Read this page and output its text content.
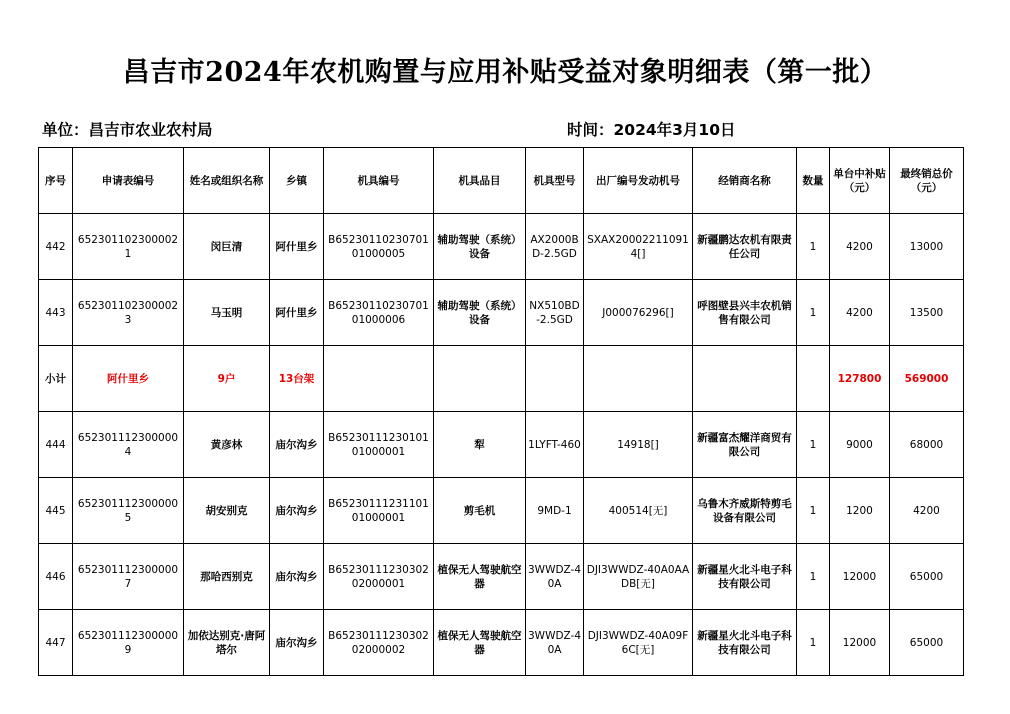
昌吉市2024年农机购置与应用补贴受益对象明细表（第一批）
单位：昌吉市农业农村局	时间：2024年3月10日
序号	申请表编号	姓名或组织名称	乡镇	机具编号	机具品目	机具型号	出厂编号发动机号	经销商名称	数量	单台中补贴（元）	最终销总价（元）
442	6523011023000021	闵巨清	阿什里乡	B6523011023070101000005	辅助驾驶（系统）设备	AX2000BD-2.5GD	SXAX200022110914[]	新疆鹏达农机有限责任公司	1	4200	13000
443	6523011023000023	马玉明	阿什里乡	B6523011023070101000006	辅助驾驶（系统）设备	NX510BD-2.5GD	J000076296[]	呼图壁县兴丰农机销售有限公司	1	4200	13500
小计	阿什里乡	9户	13台架							127800	569000
444	6523011123000004	黄彦林	庙尔沟乡	B6523011123010101000001	犁	1LYFT-460	14918[]	新疆富杰耀洋商贸有限公司	1	9000	68000
445	6523011123000005	胡安别克	庙尔沟乡	B6523011123110101000001	剪毛机	9MD-1	400514[无]	乌鲁木齐威斯特剪毛设备有限公司	1	1200	4200
446	6523011123000007	那哈西别克	庙尔沟乡	B6523011123030202000001	植保无人驾驶航空器	3WWDZ-40A	DJI3WWDZ-40A0AADB[无]	新疆星火北斗电子科技有限公司	1	12000	65000
447	6523011123000009	加依达别克·唐阿塔尔	庙尔沟乡	B6523011123030202000002	植保无人驾驶航空器	3WWDZ-40A	DJI3WWDZ-40A09F6C[无]	新疆星火北斗电子科技有限公司	1	12000	65000
